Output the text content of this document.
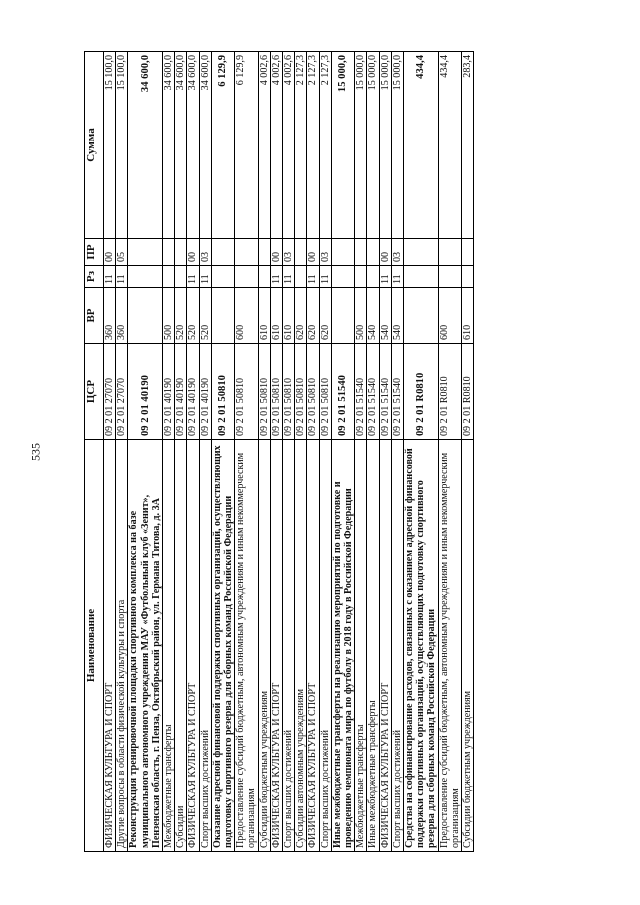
535
Наименование	ЦСР	ВР	Рз	ПР	Сумма
ФИЗИЧЕСКАЯ КУЛЬТУРА И СПОРТ	09 2 01 27070	360	11	00	15 100,0
Другие вопросы в области физической культуры и спорта	09 2 01 27070	360	11	05	15 100,0
Реконструкция тренировочной площадки спортивного комплекса на базе муниципального автономного учреждения МАУ «Футбольный клуб «Зенит», Пензенская область, г. Пенза, Октябрьский район, ул. Германа Титова, д. 3А	09 2 01 40190				34 600,0
Межбюджетные трансферты	09 2 01 40190	500			34 600,0
Субсидии	09 2 01 40190	520			34 600,0
ФИЗИЧЕСКАЯ КУЛЬТУРА И СПОРТ	09 2 01 40190	520	11	00	34 600,0
Спорт высших достижений	09 2 01 40190	520	11	03	34 600,0
Оказание адресной финансовой поддержки спортивных организаций, осуществляющих подготовку спортивного резерва для сборных команд Российской Федерации	09 2 01 50810				6 129,9
Предоставление субсидий бюджетным, автономным учреждениям и иным некоммерческим организациям	09 2 01 50810	600			6 129,9
Субсидии бюджетным учреждениям	09 2 01 50810	610			4 002,6
ФИЗИЧЕСКАЯ КУЛЬТУРА И СПОРТ	09 2 01 50810	610	11	00	4 002,6
Спорт высших достижений	09 2 01 50810	610	11	03	4 002,6
Субсидии автономным учреждениям	09 2 01 50810	620			2 127,3
ФИЗИЧЕСКАЯ КУЛЬТУРА И СПОРТ	09 2 01 50810	620	11	00	2 127,3
Спорт высших достижений	09 2 01 50810	620	11	03	2 127,3
Иные межбюджетные трансферты на реализацию мероприятий по подготовке и проведению чемпионата мира по футболу в 2018 году в Российской Федерации	09 2 01 51540				15 000,0
Межбюджетные трансферты	09 2 01 51540	500			15 000,0
Иные межбюджетные трансферты	09 2 01 51540	540			15 000,0
ФИЗИЧЕСКАЯ КУЛЬТУРА И СПОРТ	09 2 01 51540	540	11	00	15 000,0
Спорт высших достижений	09 2 01 51540	540	11	03	15 000,0
Средства на софинансирование расходов, связанных с оказанием адресной финансовой поддержки спортивных организаций, осуществляющих подготовку спортивного резерва для сборных команд Российской Федерации	09 2 01 R0810				434,4
Предоставление субсидий бюджетным, автономным учреждениям и иным некоммерческим организациям	09 2 01 R0810	600			434,4
Субсидии бюджетным учреждениям	09 2 01 R0810	610			283,4
